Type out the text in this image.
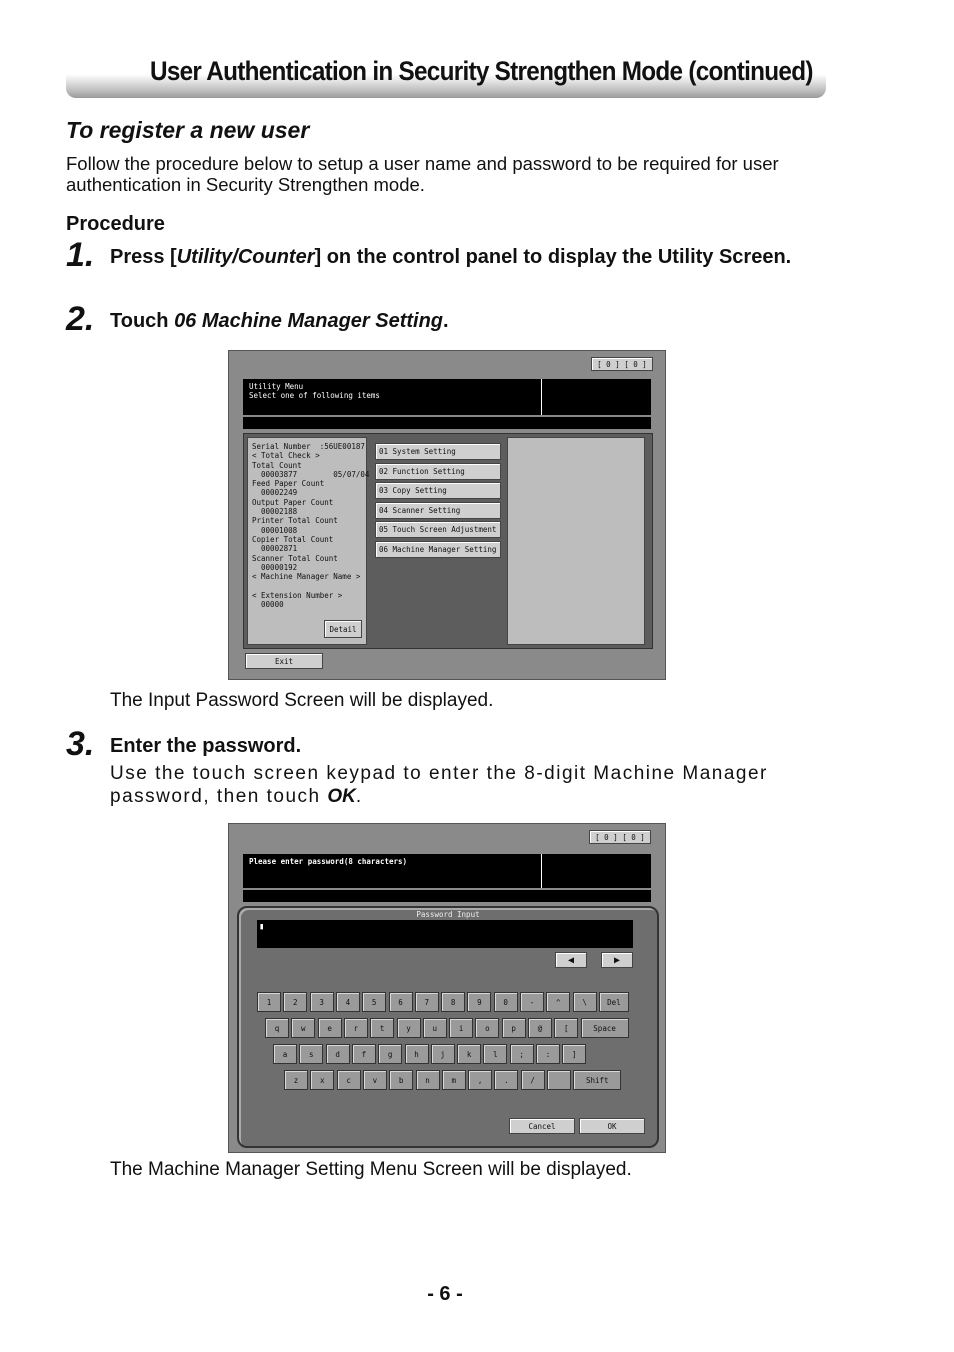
User Authentication in Security Strengthen Mode (continued)
To register a new user
Follow the procedure below to setup a user name and password to be required for user authentication in Security Strengthen mode.
Procedure
1. Press [Utility/Counter] on the control panel to display the Utility Screen.
2. Touch 06 Machine Manager Setting.
[ 0 ] [ 0 ]
Utility Menu
Select one of following items
Serial Number  :56UE00187
< Total Check >
Total Count
00003877        05/07/04
Feed Paper Count
00002249
Output Paper Count
00002188
Printer Total Count
00001008
Copier Total Count
00002871
Scanner Total Count
00000192
< Machine Manager Name >
< Extension Number >
00000
Detail
01 System Setting
02 Function Setting
03 Copy Setting
04 Scanner Setting
05 Touch Screen Adjustment
06 Machine Manager Setting
Exit
The Input Password Screen will be displayed.
3. Enter the password.
Use the touch screen keypad to enter the 8-digit Machine Manager password, then touch OK.
[ 0 ] [ 0 ]
Please enter password(8 characters)
Password Input
▮
◀	▶
1	2	3	4	5	6	7	8	9	0	-	^	\
q	w	e	r	t	y	u	i	o	p	@	[
a	s	d	f	g	h	j	k	l	;	:	]
z	x	c	v	b	n	m	,	.	/
Del
Space
Shift
Cancel	OK
The Machine Manager Setting Menu Screen will be displayed.
- 6 -
